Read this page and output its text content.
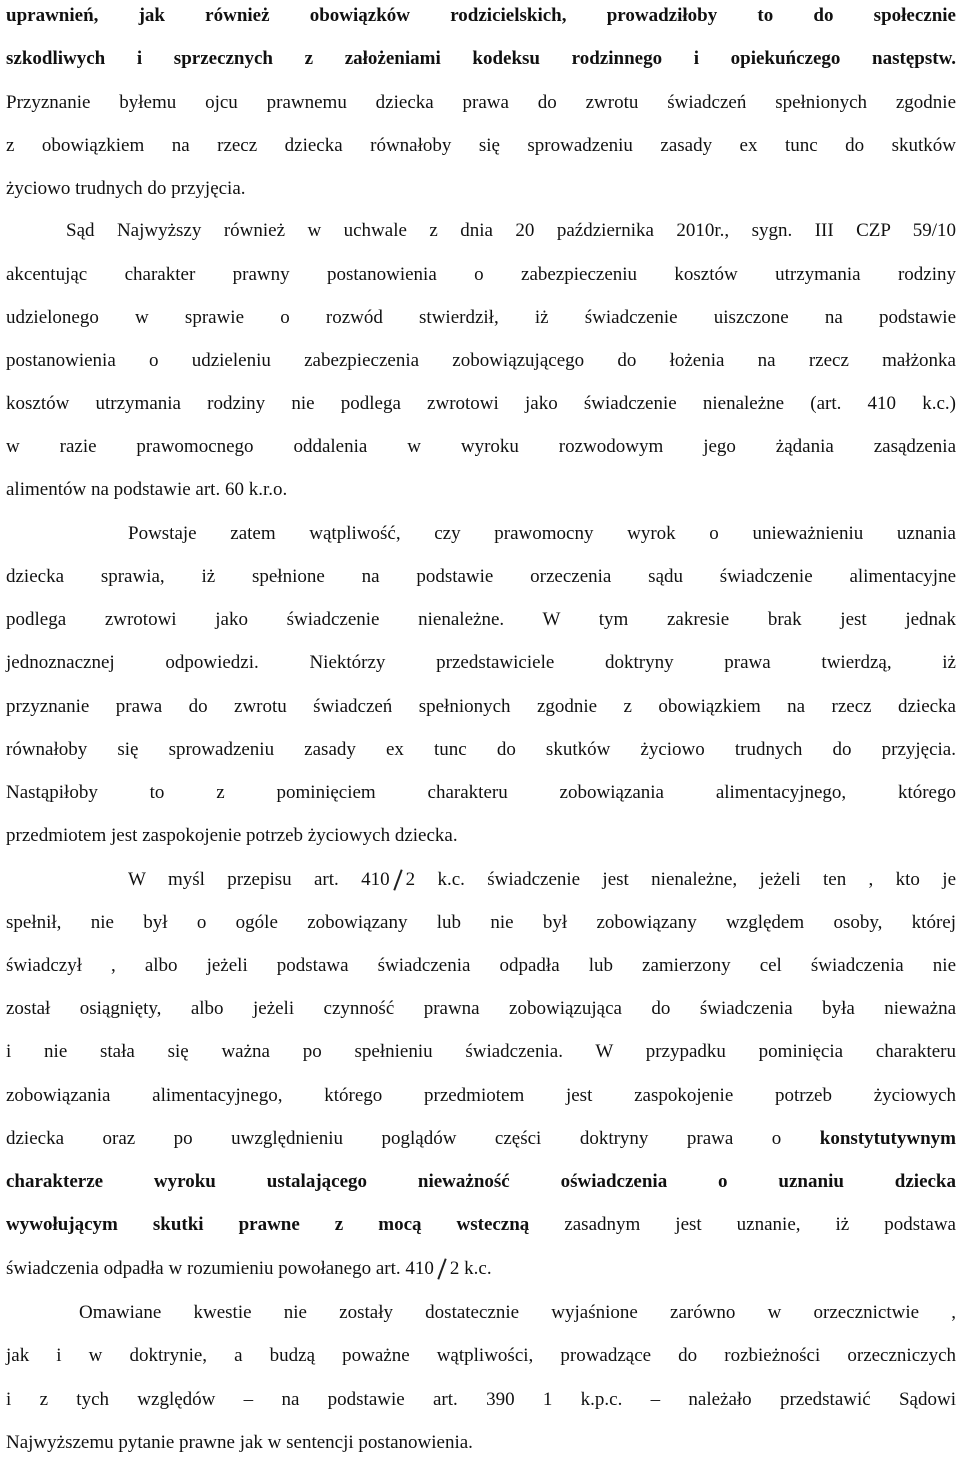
uprawnień, jak również obowiązków rodzicielskich, prowadziłoby to do społecznie
szkodliwych i sprzecznych z założeniami kodeksu rodzinnego i opiekuńczego następstw.
Przyznanie byłemu ojcu prawnemu dziecka prawa do zwrotu świadczeń spełnionych zgodnie
z obowiązkiem na rzecz dziecka równałoby się sprowadzeniu zasady ex tunc do skutków
życiowo trudnych do przyjęcia.
Sąd Najwyższy również w uchwale z dnia 20 października 2010r., sygn. III CZP 59/10
akcentując charakter prawny postanowienia o zabezpieczeniu kosztów utrzymania rodziny
udzielonego w sprawie o rozwód stwierdził, iż świadczenie uiszczone na podstawie
postanowienia o udzieleniu zabezpieczenia zobowiązującego do łożenia na rzecz małżonka
kosztów utrzymania rodziny nie podlega zwrotowi jako świadczenie nienależne (art. 410 k.c.)
w razie prawomocnego oddalenia w wyroku rozwodowym jego żądania zasądzenia
alimentów na podstawie art. 60 k.r.o.
Powstaje zatem wątpliwość, czy prawomocny wyrok o unieważnieniu uznania
dziecka sprawia, iż spełnione na podstawie orzeczenia sądu świadczenie alimentacyjne
podlega zwrotowi jako świadczenie nienależne. W tym zakresie brak jest jednak
jednoznacznej odpowiedzi. Niektórzy przedstawiciele doktryny prawa twierdzą, iż
przyznanie prawa do zwrotu świadczeń spełnionych zgodnie z obowiązkiem na rzecz dziecka
równałoby się sprowadzeniu zasady ex tunc do skutków życiowo trudnych do przyjęcia.
Nastąpiłoby to z pominięciem charakteru zobowiązania alimentacyjnego, którego
przedmiotem jest zaspokojenie potrzeb życiowych dziecka.
W myśl przepisu art. 410 2 k.c. świadczenie jest nienależne, jeżeli ten , kto je
spełnił, nie był o ogóle zobowiązany lub nie był zobowiązany względem osoby, której
świadczył , albo jeżeli podstawa świadczenia odpadła lub zamierzony cel świadczenia nie
został osiągnięty, albo jeżeli czynność prawna zobowiązująca do świadczenia była nieważna
i nie stała się ważna po spełnieniu świadczenia. W przypadku pominięcia charakteru
zobowiązania alimentacyjnego, którego przedmiotem jest zaspokojenie potrzeb życiowych
dziecka oraz po uwzględnieniu poglądów części doktryny prawa o konstytutywnym
charakterze wyroku ustalającego nieważność oświadczenia o uznaniu dziecka
wywołującym skutki prawne z mocą wsteczną zasadnym jest uznanie, iż podstawa
świadczenia odpadła w rozumieniu powołanego art. 410 2 k.c.
Omawiane kwestie nie zostały dostatecznie wyjaśnione zarówno w orzecznictwie ,
jak i w doktrynie, a budzą poważne wątpliwości, prowadzące do rozbieżności orzeczniczych
i z tych względów – na podstawie art. 390 1 k.p.c. – należało przedstawić Sądowi
Najwyższemu pytanie prawne jak w sentencji postanowienia.
